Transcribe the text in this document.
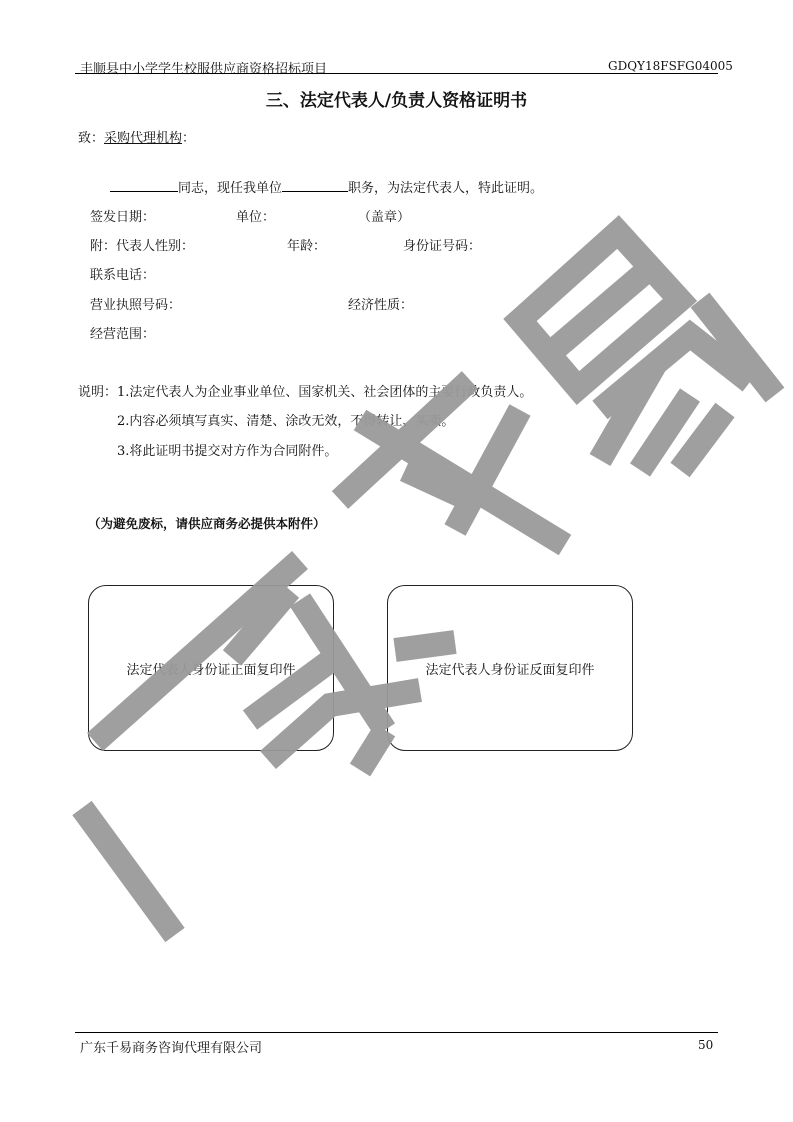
丰顺县中小学学生校服供应商资格招标项目	GDQY18FSFG04005
三、法定代表人/负责人资格证明书
致：采购代理机构：
同志，现任我单位	职务，为法定代表人，特此证明。
签发日期：	单位：	（盖章）
附：代表人性别：	年龄：	身份证号码：
联系电话：
营业执照号码：	经济性质：
经营范围：
说明： 1.法定代表人为企业事业单位、国家机关、社会团体的主要行政负责人。
2.内容必须填写真实、清楚、涂改无效，不得转让、买卖。
3.将此证明书提交对方作为合同附件。
（为避免废标，请供应商务必提供本附件）
法定代表人身份证正面复印件	法定代表人身份证反面复印件
广东千易商务咨询代理有限公司	50
